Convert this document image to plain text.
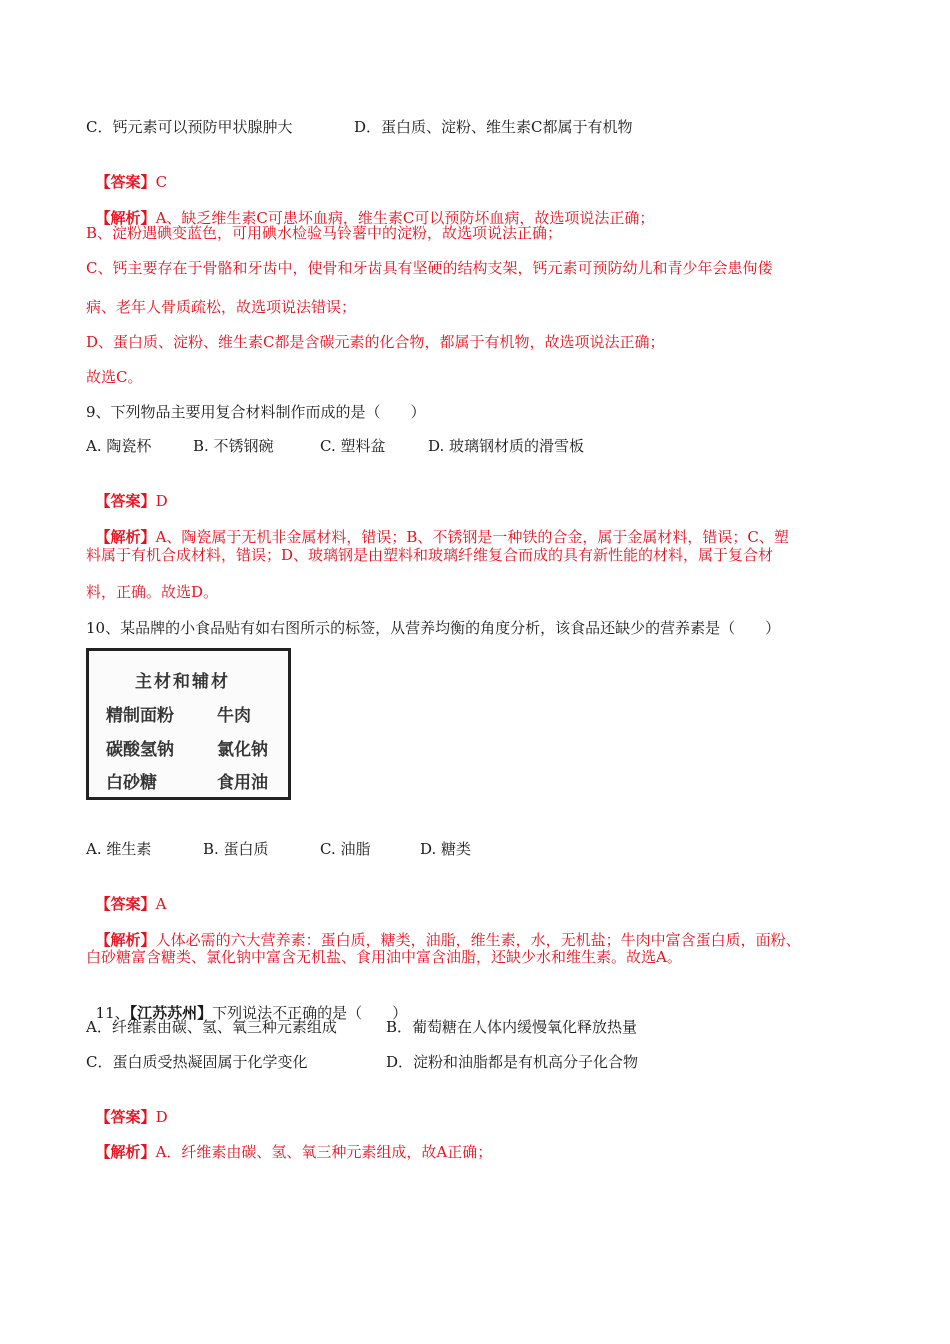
C．钙元素可以预防甲状腺肿大	D．蛋白质、淀粉、维生素C都属于有机物

【答案】C

【解析】A、缺乏维生素C可患坏血病，维生素C可以预防坏血病，故选项说法正确；

B、淀粉遇碘变蓝色，可用碘水检验马铃薯中的淀粉，故选项说法正确；
C、钙主要存在于骨骼和牙齿中，使骨和牙齿具有坚硬的结构支架，钙元素可预防幼儿和青少年会患佝偻
病、老年人骨质疏松，故选项说法错误；
D、蛋白质、淀粉、维生素C都是含碳元素的化合物，都属于有机物，故选项说法正确；
故选C。
9、下列物品主要用复合材料制作而成的是（　　）
A. 陶瓷杯	B. 不锈钢碗	C. 塑料盆	D. 玻璃钢材质的滑雪板

【答案】D

【解析】A、陶瓷属于无机非金属材料，错误；B、不锈钢是一种铁的合金，属于金属材料，错误；C、塑

料属于有机合成材料，错误；D、玻璃钢是由塑料和玻璃纤维复合而成的具有新性能的材料，属于复合材
料，正确。故选D。
10、某品牌的小食品贴有如右图所示的标签，从营养均衡的角度分析，该食品还缺少的营养素是（　　）
主材和辅材
精制面粉	牛肉
碳酸氢钠	氯化钠
白砂糖	食用油
A. 维生素	B. 蛋白质	C. 油脂	D. 糖类

【答案】A

【解析】人体必需的六大营养素：蛋白质，糖类，油脂，维生素，水，无机盐；牛肉中富含蛋白质，面粉、

白砂糖富含糖类、氯化钠中富含无机盐、食用油中富含油脂，还缺少水和维生素。故选A。

11、【江苏苏州】下列说法不正确的是（　　）

A．纤维素由碳、氢、氧三种元素组成	B．葡萄糖在人体内缓慢氧化释放热量
C．蛋白质受热凝固属于化学变化	D．淀粉和油脂都是有机高分子化合物

【答案】D

【解析】A．纤维素由碳、氢、氧三种元素组成，故A正确；
